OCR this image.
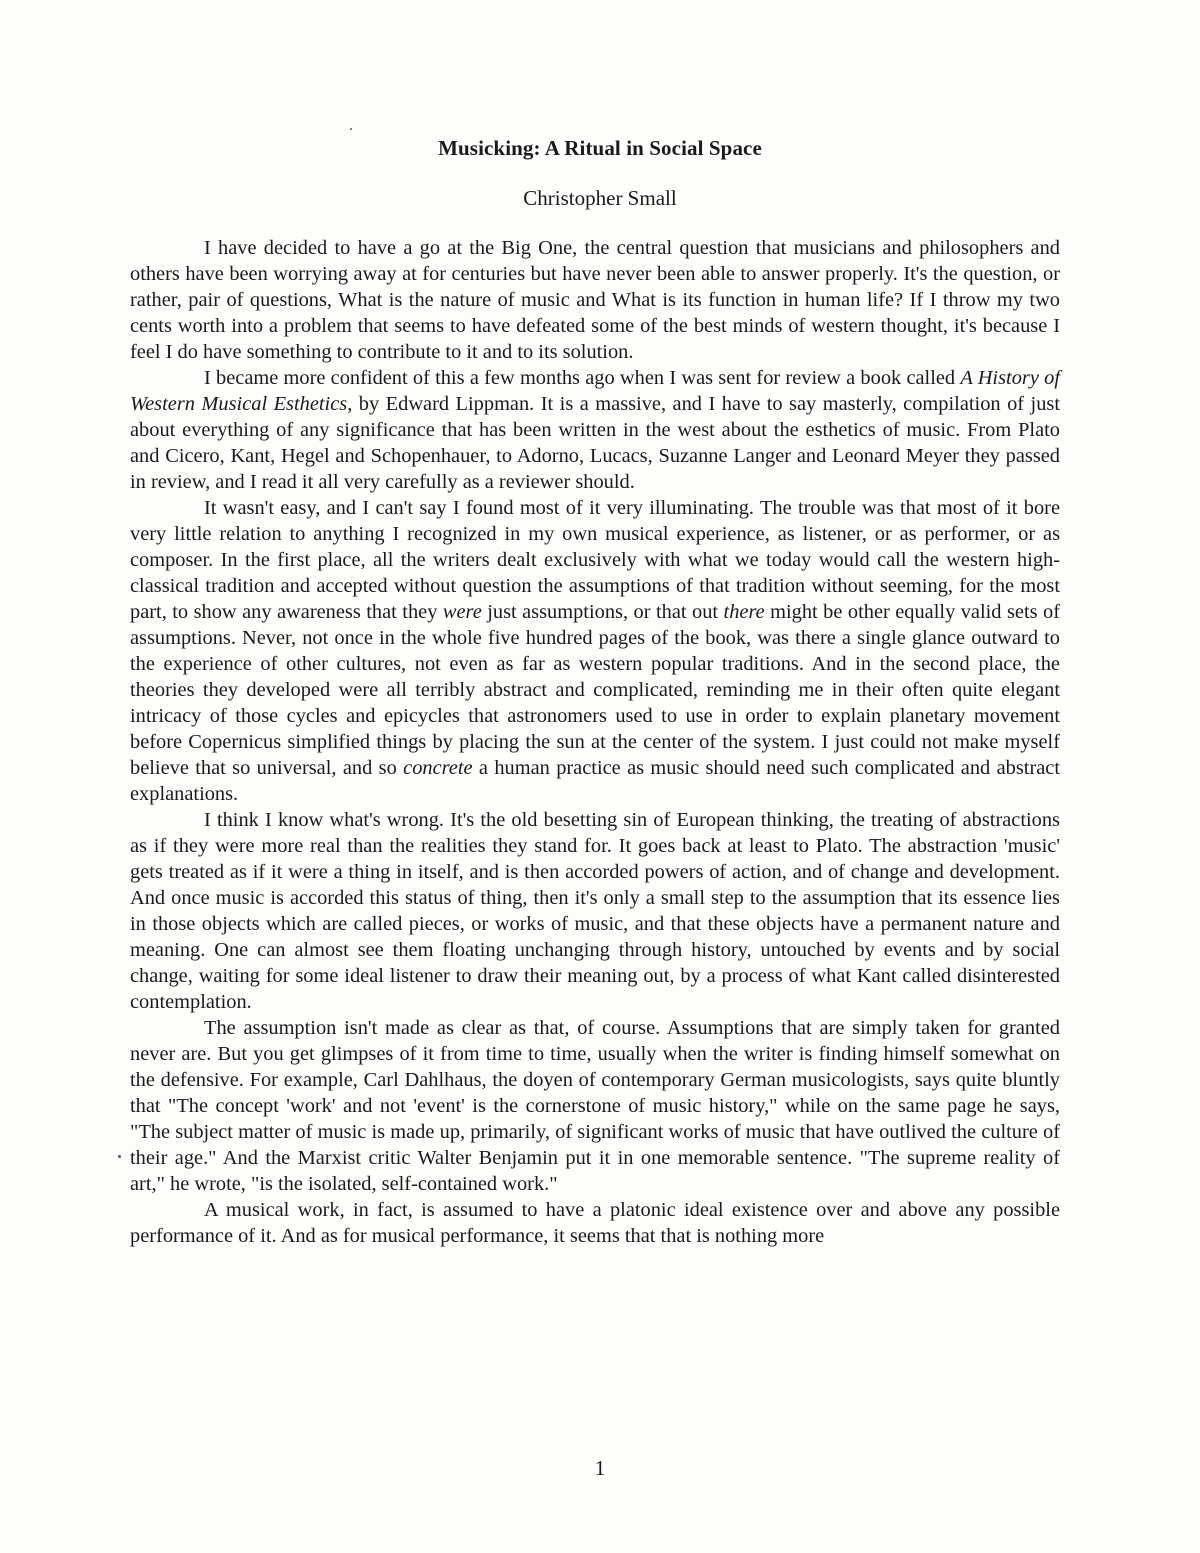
Musicking: A Ritual in Social Space
Christopher Small

I have decided to have a go at the Big One, the central question that musicians and philosophers and others have been worrying away at for centuries but have never been able to answer properly. It's the question, or rather, pair of questions, What is the nature of music and What is its function in human life? If I throw my two cents worth into a problem that seems to have defeated some of the best minds of western thought, it's because I feel I do have something to contribute to it and to its solution.

I became more confident of this a few months ago when I was sent for review a book called A History of Western Musical Esthetics, by Edward Lippman. It is a massive, and I have to say masterly, compilation of just about everything of any significance that has been written in the west about the esthetics of music. From Plato and Cicero, Kant, Hegel and Schopenhauer, to Adorno, Lucacs, Suzanne Langer and Leonard Meyer they passed in review, and I read it all very carefully as a reviewer should.

It wasn't easy, and I can't say I found most of it very illuminating. The trouble was that most of it bore very little relation to anything I recognized in my own musical experience, as listener, or as performer, or as composer. In the first place, all the writers dealt exclusively with what we today would call the western high-classical tradition and accepted without question the assumptions of that tradition without seeming, for the most part, to show any awareness that they were just assumptions, or that out there might be other equally valid sets of assumptions. Never, not once in the whole five hundred pages of the book, was there a single glance outward to the experience of other cultures, not even as far as western popular traditions. And in the second place, the theories they developed were all terribly abstract and complicated, reminding me in their often quite elegant intricacy of those cycles and epicycles that astronomers used to use in order to explain planetary movement before Copernicus simplified things by placing the sun at the center of the system. I just could not make myself believe that so universal, and so concrete a human practice as music should need such complicated and abstract explanations.

I think I know what's wrong. It's the old besetting sin of European thinking, the treating of abstractions as if they were more real than the realities they stand for. It goes back at least to Plato. The abstraction 'music' gets treated as if it were a thing in itself, and is then accorded powers of action, and of change and development. And once music is accorded this status of thing, then it's only a small step to the assumption that its essence lies in those objects which are called pieces, or works of music, and that these objects have a permanent nature and meaning. One can almost see them floating unchanging through history, untouched by events and by social change, waiting for some ideal listener to draw their meaning out, by a process of what Kant called disinterested contemplation.

The assumption isn't made as clear as that, of course. Assumptions that are simply taken for granted never are. But you get glimpses of it from time to time, usually when the writer is finding himself somewhat on the defensive. For example, Carl Dahlhaus, the doyen of contemporary German musicologists, says quite bluntly that "The concept 'work' and not 'event' is the cornerstone of music history," while on the same page he says, "The subject matter of music is made up, primarily, of significant works of music that have outlived the culture of their age." And the Marxist critic Walter Benjamin put it in one memorable sentence. "The supreme reality of art," he wrote, "is the isolated, self-contained work."

A musical work, in fact, is assumed to have a platonic ideal existence over and above any possible performance of it. And as for musical performance, it seems that that is nothing more

1
